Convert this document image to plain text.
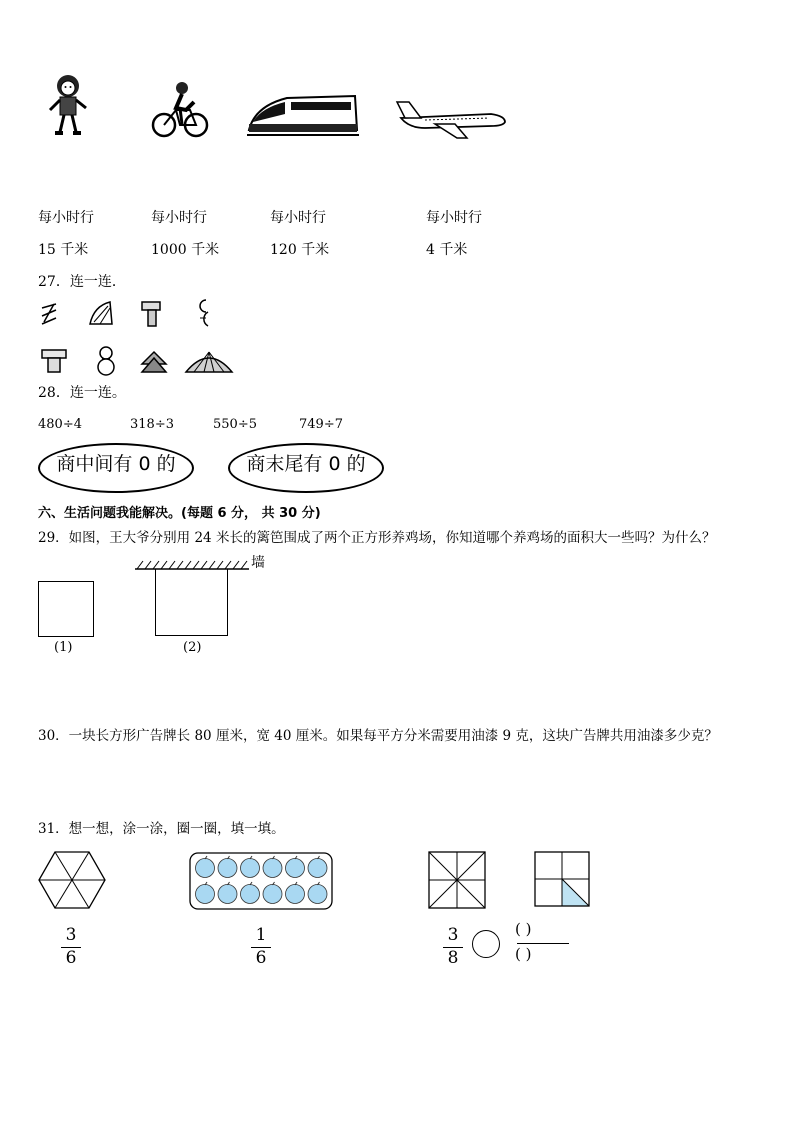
每小时行	每小时行	每小时行	每小时行
15 千米	1000 千米	120 千米	4 千米
27．连一连．
28．连一连。
480÷4	318÷3	550÷5	749÷7
商中间有 0 的	商末尾有 0 的
六、生活问题我能解决。(每题 6 分， 共 30 分)
29．如图，王大爷分别用 24 米长的篱笆围成了两个正方形养鸡场，你知道哪个养鸡场的面积大一些吗？为什么？
(1)
墙
(2)
30．一块长方形广告牌长 80 厘米，宽 40 厘米。如果每平方分米需要用油漆 9 克，这块广告牌共用油漆多少克？
31．想一想，涂一涂，圈一圈，填一填。
3
6
1
6
3
8
( )
( )
